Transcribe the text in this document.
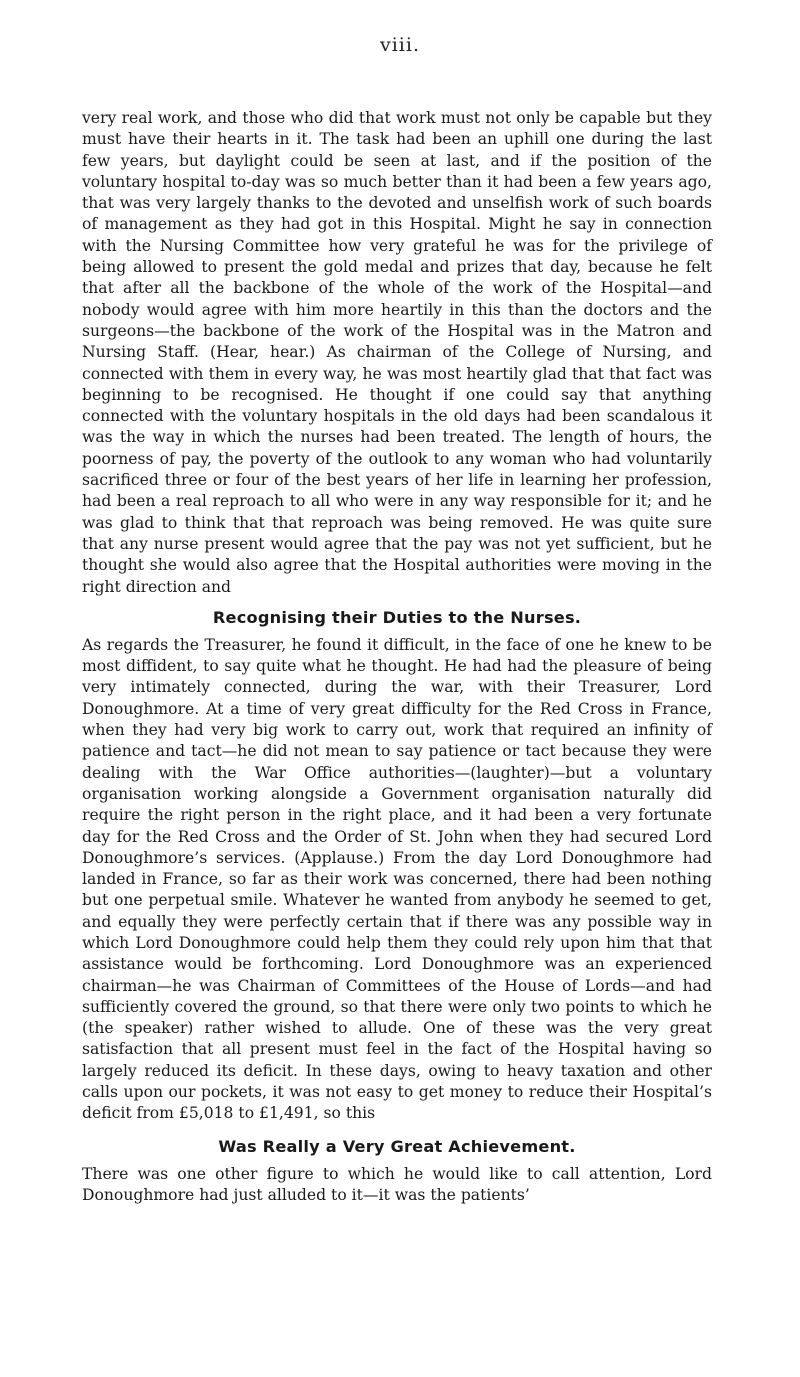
viii.

very real work, and those who did that work must not only be capable but they must have their hearts in it. The task had been an uphill one during the last few years, but daylight could be seen at last, and if the position of the voluntary hospital to-day was so much better than it had been a few years ago, that was very largely thanks to the devoted and unselfish work of such boards of management as they had got in this Hospital. Might he say in connection with the Nursing Committee how very grateful he was for the privilege of being allowed to present the gold medal and prizes that day, because he felt that after all the backbone of the whole of the work of the Hospital—and nobody would agree with him more heartily in this than the doctors and the surgeons—the backbone of the work of the Hospital was in the Matron and Nursing Staff. (Hear, hear.) As chairman of the College of Nursing, and connected with them in every way, he was most heartily glad that that fact was beginning to be recognised. He thought if one could say that anything connected with the voluntary hospitals in the old days had been scandalous it was the way in which the nurses had been treated. The length of hours, the poorness of pay, the poverty of the outlook to any woman who had voluntarily sacrificed three or four of the best years of her life in learning her profession, had been a real reproach to all who were in any way responsible for it; and he was glad to think that that reproach was being removed. He was quite sure that any nurse present would agree that the pay was not yet sufficient, but he thought she would also agree that the Hospital authorities were moving in the right direction and

Recognising their Duties to the Nurses.

As regards the Treasurer, he found it difficult, in the face of one he knew to be most diffident, to say quite what he thought. He had had the pleasure of being very intimately connected, during the war, with their Treasurer, Lord Donoughmore. At a time of very great difficulty for the Red Cross in France, when they had very big work to carry out, work that required an infinity of patience and tact—he did not mean to say patience or tact because they were dealing with the War Office authorities—(laughter)—but a voluntary organisation working alongside a Government organisation naturally did require the right person in the right place, and it had been a very fortunate day for the Red Cross and the Order of St. John when they had secured Lord Donoughmore’s services. (Applause.) From the day Lord Donoughmore had landed in France, so far as their work was concerned, there had been nothing but one perpetual smile. Whatever he wanted from anybody he seemed to get, and equally they were perfectly certain that if there was any possible way in which Lord Donoughmore could help them they could rely upon him that that assistance would be forthcoming. Lord Donoughmore was an experienced chairman—he was Chairman of Committees of the House of Lords—and had sufficiently covered the ground, so that there were only two points to which he (the speaker) rather wished to allude. One of these was the very great satisfaction that all present must feel in the fact of the Hospital having so largely reduced its deficit. In these days, owing to heavy taxation and other calls upon our pockets, it was not easy to get money to reduce their Hospital’s deficit from £5,018 to £1,491, so this

Was Really a Very Great Achievement.

There was one other figure to which he would like to call attention, Lord Donoughmore had just alluded to it—it was the patients’
